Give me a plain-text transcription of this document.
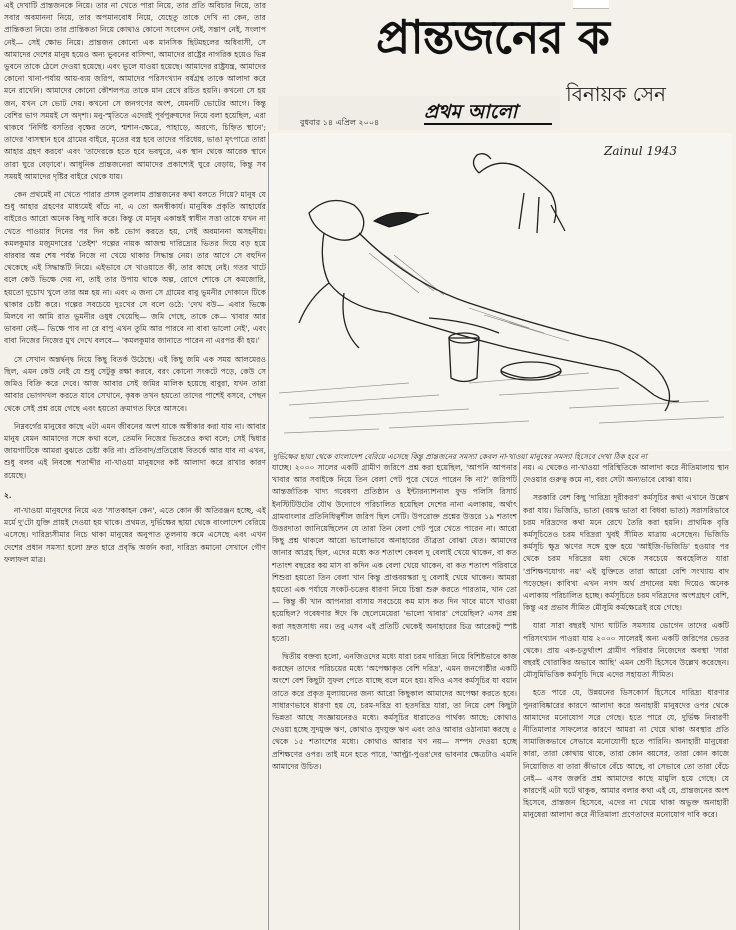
এই দেখাটি প্রান্তজনকে নিয়ে। তার না খেতে পারা নিয়ে, তার প্রতি অবিচার নিয়ে, তার সবার অবমাননা নিয়ে, তার অপমানবোধ নিয়ে, যেহেতু তাকে দেখি না কেন, তার প্রান্তিকতা নিয়ে। তার প্রান্তিকতা নিয়ে কোথাও কোনো সংবেদন নেই, সন্তাপ নেই, সংলাপ নেই— সেই ক্ষোভ নিয়ে। প্রান্তজন কোনো এক মানসিক ছিটমহলের অধিবাসী, সে আমাদের দেশের মানুষ হয়েও অন্য ভুবনের বাসিন্দা, আমাদের রাষ্ট্রের নাগরিক হয়েও ভিন্ন ভুবনে তাকে ঠেলে দেওয়া হয়েছে। এবং ভুলে যাওয়া হয়েছে। আমাদের রাষ্ট্রযন্ত্র, আমাদের কোনো খানা-পর্যায় আয়-ব্যয় জরিপ, আমাদের পরিসংখ্যান বর্ষগ্রন্থ তাকে আলাদা করে মনে রাখেনি। আমাদের কোনো কৌশলপত্র তাকে মান রেখে রচিত হয়নি। কখনো সে হয় জন, যখন সে ভোট দেয়। কখনো সে জনগণের অংশ, যেমনটি ভোটের আগে। কিন্তু বেশির ভাগ সময়ই সে অদৃশ্য। মনু-স্মৃতিতে এদেরই পূর্বপুরুষদের নিয়ে বলা হয়েছিল, এরা থাকবে 'নির্দিষ্ট বসতির বৃক্ষের তলে, শ্মশান-ক্ষেত্রে, পাহাড়ে, অরণ্যে, চিহ্নিত স্থানে'; তাদের 'বাসস্থান হবে গ্রামের বাইরে, মৃতের বস্ত্র হবে তাদের পরিধেয়, ভাঙা মৃৎপাত্রে তারা আহার গ্রহণ করবে' এবং 'তাদেরকে হতে হবে ভবঘুরে, এক স্থান থেকে আরেক স্থানে তারা ঘুরে বেড়াবে'। আধুনিক প্রান্তজনেরা আমাদের প্রকাশ্যেই ঘুরে বেড়ায়, কিন্তু সব সময়ই আমাদের দৃষ্টির বাইরে থেকে যায়।

কেন প্রথমেই না খেতে পারার প্রসঙ্গ তুললাম প্রান্তজনের কথা বলতে গিয়ে? মানুষ যে শুধু আহার গ্রহণের মাধ্যমেই বাঁচে না, এ তো অনস্বীকার্য। মানুষিক প্রকৃতি আহার্যের বাইরেও আরো অনেক কিছু দাবি করে। কিন্তু যে মানুষ একান্তই স্বাধীন সত্তা তাকে যখন না খেতে পাওয়ার দিনের পর দিন কষ্ট ভোগ করতে হয়, সেই অবমাননা অসহনীয়। কমলকুমার মজুমদারের 'তেইশ' গল্পের নায়ক আজন্ম দারিদ্র্যের ভিতর দিয়ে বড় হয়ে বারবার অন্ন শেষ পর্যন্ত নিজে না খেয়ে থাকার সিদ্ধান্ত নেয়। তার আগে সে বহুদিন থেকেছে এই সিদ্ধান্তটি নিয়ে। এইভাবে সে খাওয়াতে কী, তার কাছে নেই। গতর খাটে বলে কেউ ভিক্ষে দেয় না, তাই তার উপায় থাকে অল্প, রোগে শোকে সে কমজোরি, হয়তো দুচোখ খুলে তার অন্ন হয় না। এবং এ জন্য সে গ্রামের বাবু ভুমনীর দোকানে টিকে থাকার চেষ্টা করে। গল্পের সবচেয়ে দুঃখের সে বলে ওঠে: 'দেখ বউ— এবার ভিক্ষে মিলবে না আমি রাত ভুমনীর ওষুধ খেয়েছি— জমি গেছে, তাকে কে— খাবার আর ভাবনা নেই— ভিক্ষে পাব না রে বাপু এখন তুমি আর পারবে না বাবা ভালো নেই', এবং বাবা নিজের নিজের মুখ দেখে বলবে— 'কমলকুমার জানাতে পারেন না এরপর কী হয়।'

সে সেখান অন্তর্দ্বন্দ্ব নিয়ে কিছু বিতর্ক উঠেছে। এই কিছু জমি এক সময় আলমেরও ছিল, এমন কেউ নেই যে শুধু সেটুকু রক্ষা করবে, বরং কোনো সংকটে পড়ে, কেউ সে জমিও বিক্রি করে দেবে। আজ আবার সেই জমির মালিক হয়েছে বাবুরা, যখন তারা আবার ভোগদখল করতে যাবে সেখানে, কৃষক তখন হয়তো তাদের পাশেই বসবে, পেছন থেকে সেই প্রশ্ন রয়ে গেছে এবং হয়তো ক্রমাগত ফিরে আসবে।

নিম্নবর্গের মানুষের কাছে এটা এমন জীবনের অংশ যাকে অস্বীকার করা যায় না। আবার মানুষ যেমন আমাদের সঙ্গে কথা বলে, তেমনি নিজের ভিতরেও কথা বলে; সেই দ্বিধার জায়গাটিকে আমরা বুঝতে চেষ্টা করি না। প্রতিবাদ/প্রতিরোধ বিতর্কে আর যাব না এখন, শুধু বলব এই নিবন্ধে শতাব্দীর না-খাওয়া মানুষদের কষ্ট আলাদা করে রাখার কারণ রয়েছে।

২.

না-খাওয়া মানুষদের নিয়ে এত 'সাতকাহন কেন', এতে কোন কী অতিরঞ্জন হচ্ছে, এই মর্মে দু'টো যুক্তি প্রায়ই দেওয়া হয় থাকে। প্রথমত, দুর্ভিক্ষের ছায়া থেকে বাংলাদেশ বেরিয়ে এসেছে। দারিদ্র্যসীমার নিচে থাকা মানুষের অনুপাত তুলনায় কমে এসেছে এবং এখন দেশের প্রধান সমস্যা হলো দ্রুত হারে প্রবৃদ্ধি অর্জন করা, দারিদ্র্য কমানো সেখানে গৌণ ফলাফল মাত্র।

প্রান্তজনের ক
বিনায়ক সেন
বুধবার ১৪ এপ্রিল ২০০৪ প্রথম আলো
Zainul 1943
দুর্ভিক্ষের ছায়া থেকে বাংলাদেশ বেরিয়ে এসেছে কিন্তু প্রান্তজনের সমস্যা কেবল না-খাওয়া মানুষের সমস্যা হিসেবে দেখা ঠিক হবে না

যাচ্ছে। ২০০০ সালের একটি গ্রামীণ জরিপে প্রশ্ন করা হয়েছিল, 'আপনি আপনার খাবার আর সবাইকে নিয়ে তিন বেলা পেট পুরে খেতে পারেন কি না?' জরিপটি আন্তর্জাতিক খাদ্য গবেষণা প্রতিষ্ঠান ও ইন্টারন্যাশনাল ফুড পলিসি রিসার্চ ইনস্টিটিউটের যৌথ উদ্যোগে পরিচালিত হয়েছিল দেশের নানা এলাকায়, অর্থাৎ গ্রামবাংলার প্রতিনিধিত্বশীল জরিপ ছিল সেটি। উপরোক্ত প্রশ্নের উত্তরে ১৯ শতাংশ উত্তরদাতা জানিয়েছিলেন যে তারা তিন বেলা পেট পুরে খেতে পারেন না। আরো কিছু প্রশ্ন থাকলে আরো ভালোভাবে অনাহারের তীব্রতা বোঝা যেত। আমাদের জানার আগ্রহ ছিল, এদের মধ্যে কত শতাংশ কেবল দু বেলাই খেয়ে থাকেন, বা কত শতাংশ বছরের কয় মাস বা কদিন এক বেলা খেয়ে থাকেন, বা কত শতাংশ পরিবারে শিশুরা হয়তো তিন বেলা খান কিন্তু প্রাপ্তবয়স্করা দু বেলাই খেয়ে থাকেন। আমরা হয়তো এক পর্যায়ে সংকট-চক্রের ধারণা নিয়ে চিন্তা শুরু করতে পারতাম, খান তো— কিন্তু কী খান আপনারা বাসায় সবচেয়ে কম মাস কত দিন খাবে মাসে খাওয়া হয়েছিল? গবেষণার ঈদে কি ছেলেমেয়েরা 'ভালো খাবার' পেয়েছিল? এসব প্রশ্ন করা সহজসাধ্য নয়। তবু এসব এই প্রতিটি থেকেই অনাহারের চিত্র আরেকটু স্পষ্ট হতো।

দ্বিতীয় বক্তব্য হলো, এনজিওদের মধ্যে যারা চরম দারিদ্র্য নিয়ে বিশিষ্টভাবে কাজ করছেন তাদের পরিচয়ের মধ্যে 'অপেক্ষাকৃত বেশি দরিদ্র', এমন জনগোষ্ঠীর একটি অংশে বেশ কিছুটা সুফল পেতে যাচ্ছে বলে মনে হয়। যদিও এসব কর্মসূচির যা বয়ান তাতে করে প্রকৃত মূল্যায়নের জন্য আরো কিছুকাল আমাদের অপেক্ষা করতে হবে। সাধারণভাবে ধারণা হয় যে, চরম-দরিদ্র বা হতদরিদ্র যারা, তা নিয়ে বেশ কিছুটা ভিন্নতা আছে সংজ্ঞায়নেরও মধ্যে। কর্মসূচির ধারাতেও পার্থক্য আছে: কোথাও দেওয়া হচ্ছে সুদমুক্ত ঋণ, কোথাও সুদযুক্ত ঋণ এবং তাও আবার ওঠানামা করছে ৫ থেকে ১৫ শতাংশের মধ্যে। কোথাও আবার খণ নয়— সম্পদ দেওয়া হচ্ছে প্রশিক্ষণের ওপর। তাই মনে হতে পারে, 'আল্ট্রা-পুওর'দের ভাবনার ক্ষেত্রটাও এমনি আমাদের উচিত।

নয়। এ থেকেও না-খাওয়া পরিস্থিতিকে আলাদা করে নীতিমালায় স্থান দেওয়ার গুরুত্ব কমে না, বরং সেটা অন্যভাবে বোঝা যায়।

সরকারি বেশ কিছু 'দারিদ্র্য দূরীকরণ' কর্মসূচির কথা এখানে উল্লেখ করা যায়। ভিজিডি, ভাতা (বয়স্ক ভাতা বা বিধবা ভাতা) সরাসরিভাবে চরম দরিদ্রদের কথা মনে রেখে তৈরি করা হয়নি। প্রাথমিক বৃত্তি কর্মসূচিতেও চরম দরিদ্ররা খুবই সীমিত মাত্রায় এসেছেন। ভিজিডি কর্মসূচি ক্ষুদ্র ঋণের সঙ্গে যুক্ত হয়ে 'আইজি-ভিজিডি' হওয়ার পর থেকে চরম দরিদ্রের মধ্য থেকে সবচেয়ে অবহেলিত যারা 'প্রশিক্ষণযোগ্য নয়' এই যুক্তিতে তারা আরো বেশি সংখ্যায় বাদ পড়েছেন। কাবিখা এখন নগদ অর্থ প্রদানের মধ্য দিয়েও অনেক এলাকায় পরিচালিত হচ্ছে। কর্মসূচিতে চরম দরিদ্রদের অংশগ্রহণ বেশি, কিন্তু এর প্রভাব সীমিত মৌসুমি কর্মক্ষেত্রেই রয়ে গেছে।

যারা সারা বছরই খাদ্য ঘাটতি সমস্যায় ভোগেন তাদের একটি পরিসংখ্যান পাওয়া যায় ২০০০ সালেরই অন্য একটি জরিপের ভেতর থেকে। প্রায় এক-চতুর্থাংশ গ্রামীণ পরিবার নিজেদের অবস্থা 'সারা বছরই খোরাকির অভাবে আছি' এমন শ্রেণী হিসেবে উল্লেখ করেছেন। মৌসুমিভিত্তিক কর্মসূচি দিয়ে এদের সহায়তা সীমিত।

হতে পারে যে, উন্নয়নের ডিসকোর্স হিসেবে দারিদ্র্য ধারণার পুনরাবিষ্কারের কারণে আলাদা করে অনাহারী মানুষদের ওপর থেকে আমাদের মনোযোগ সরে গেছে। হতে পারে যে, দুর্ভিক্ষ নিবারণী নীতিমালার সাফল্যের কারণে আমরা না খেয়ে থাকা অবস্থার প্রতি সামাজিকভাবে সেভাবে মনোযোগী হতে পারিনি। অনাহারী মানুষেরা কারা, তারা কোথায় থাকে, তারা কোন বয়সের, তারা কোন কাজে নিয়োজিত বা তারা কীভাবে বেঁচে আছে, বা সেভাবে তো তারা বেঁচে নেই— এসব জরুরি প্রশ্ন আমাদের কাছে মামুলি হয়ে গেছে। যে কারণেই এটা ঘটে থাকুক, আমার বলার কথা এই যে, প্রান্তজনের অংশ হিসেবে, প্রান্তজন হিসেবে, এদের না খেয়ে থাকা অভুক্ত অনাহারী মানুষেরা আলাদা করে নীতিমালা প্রণেতাদের মনোযোগ দাবি করে।
